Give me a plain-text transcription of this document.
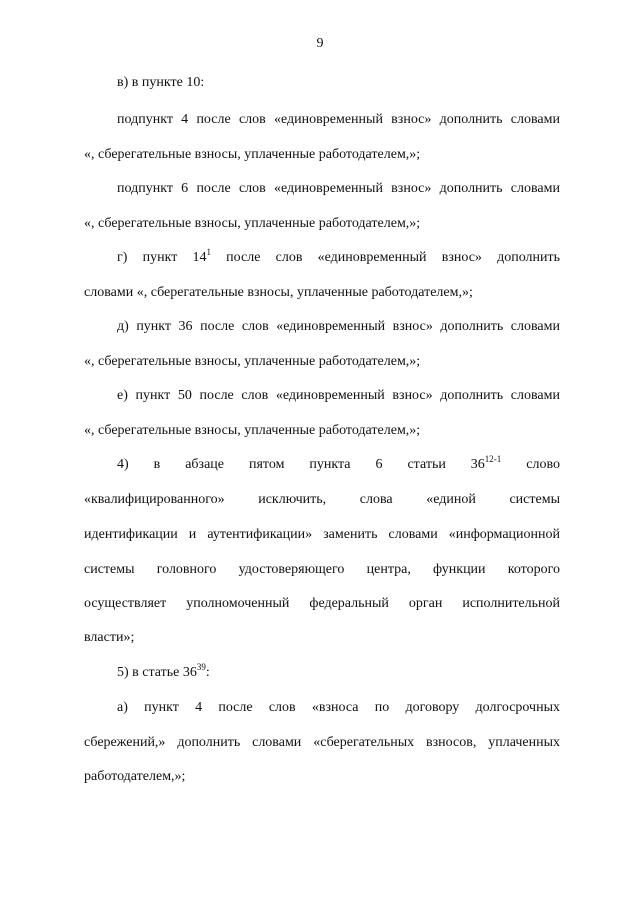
9
в) в пункте 10:
подпункт 4 после слов «единовременный взнос» дополнить словами
«, сберегательные взносы, уплаченные работодателем,»;
подпункт 6 после слов «единовременный взнос» дополнить словами
«, сберегательные взносы, уплаченные работодателем,»;
г) пункт $14^1$ после слов «единовременный взнос» дополнить
словами «, сберегательные взносы, уплаченные работодателем,»;
д) пункт 36 после слов «единовременный взнос» дополнить словами
«, сберегательные взносы, уплаченные работодателем,»;
е) пункт 50 после слов «единовременный взнос» дополнить словами
«, сберегательные взносы, уплаченные работодателем,»;
4) в абзаце пятом пункта 6 статьи 36$^{12-1}$ слово
«квалифицированного» исключить, слова «единой системы
идентификации и аутентификации» заменить словами «информационной
системы головного удостоверяющего центра, функции которого
осуществляет уполномоченный федеральный орган исполнительной
власти»;
5) в статье $36^{39}$:
а) пункт 4 после слов «взноса по договору долгосрочных
сбережений,» дополнить словами «сберегательных взносов, уплаченных
работодателем,»;
